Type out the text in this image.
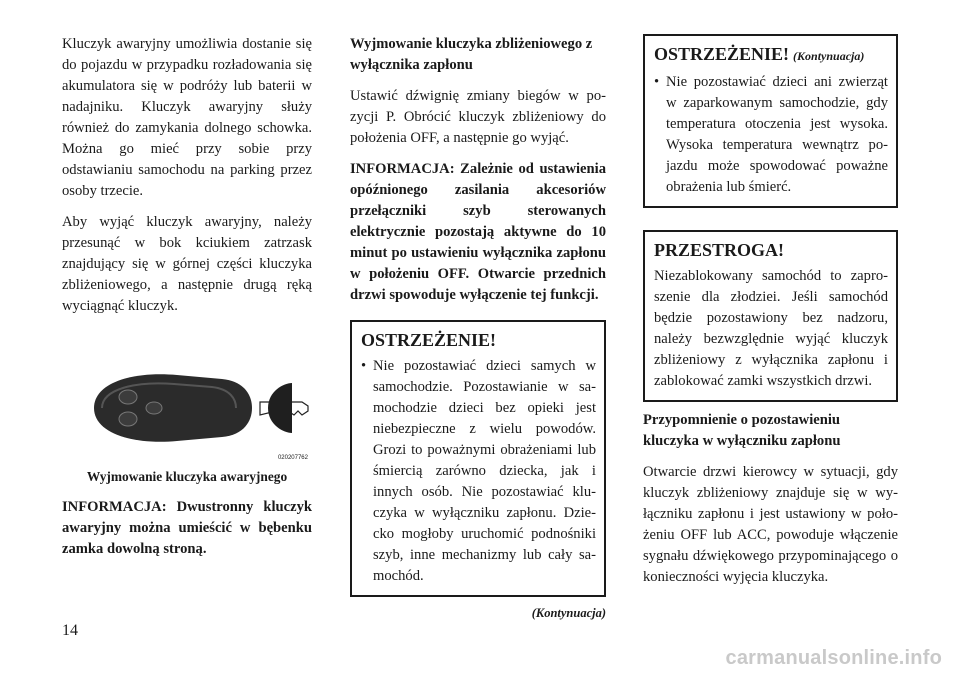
Kluczyk awaryjny umożliwia dostanie się do pojazdu w przypadku rozładowania się akumulatora się w podróży lub baterii w nadajniku. Kluczyk awaryjny służy również do zamykania dolnego schowka. Można go mieć przy sobie przy odstawianiu samochodu na parking przez osoby trzecie.

Aby wyjąć kluczyk awaryjny, należy przesunąć w bok kciukiem zatrzask znajdujący się w górnej części kluczyka zbliżeniowego, a następnie drugą ręką wyciągnąć kluczyk.

020207762
Wyjmowanie kluczyka awaryjnego

INFORMACJA: Dwustronny kluczyk awaryjny można umieścić w bębenku zamka dowolną stroną.

Wyjmowanie kluczyka zbliżeniowego z wyłącznika zapłonu

Ustawić dźwignię zmiany biegów w pozycji P. Obrócić kluczyk zbliżeniowy do położenia OFF, a następnie go wyjąć.

INFORMACJA: Zależnie od ustawienia opóźnionego zasilania akcesoriów przełączniki szyb sterowanych elektrycznie pozostają aktywne do 10 minut po ustawieniu wyłącznika zapłonu w położeniu OFF. Otwarcie przednich drzwi spowoduje wyłączenie tej funkcji.

OSTRZEŻENIE!
• Nie pozostawiać dzieci samych w samochodzie. Pozostawianie w samochodzie dzieci bez opieki jest niebezpieczne z wielu powodów. Grozi to poważnymi obrażeniami lub śmiercią zarówno dziecka, jak i innych osób. Nie pozostawiać kluczyka w wyłączniku zapłonu. Dziecko mogłoby uruchomić podnośniki szyb, inne mechanizmy lub cały samochód.
(Kontynuacja)
OSTRZEŻENIE! (Kontynuacja)
• Nie pozostawiać dzieci ani zwierząt w zaparkowanym samochodzie, gdy temperatura otoczenia jest wysoka. Wysoka temperatura wewnątrz pojazdu może spowodować poważne obrażenia lub śmierć.
PRZESTROGA!

Niezablokowany samochód to zaproszenie dla złodziei. Jeśli samochód będzie pozostawiony bez nadzoru, należy bezwzględnie wyjąć kluczyk zbliżeniowy z wyłącznika zapłonu i zablokować zamki wszystkich drzwi.

Przypomnienie o pozostawieniu kluczyka w wyłączniku zapłonu

Otwarcie drzwi kierowcy w sytuacji, gdy kluczyk zbliżeniowy znajduje się w wyłączniku zapłonu i jest ustawiony w położeniu OFF lub ACC, powoduje włączenie sygnału dźwiękowego przypominającego o konieczności wyjęcia kluczyka.

14
carmanualsonline.info
